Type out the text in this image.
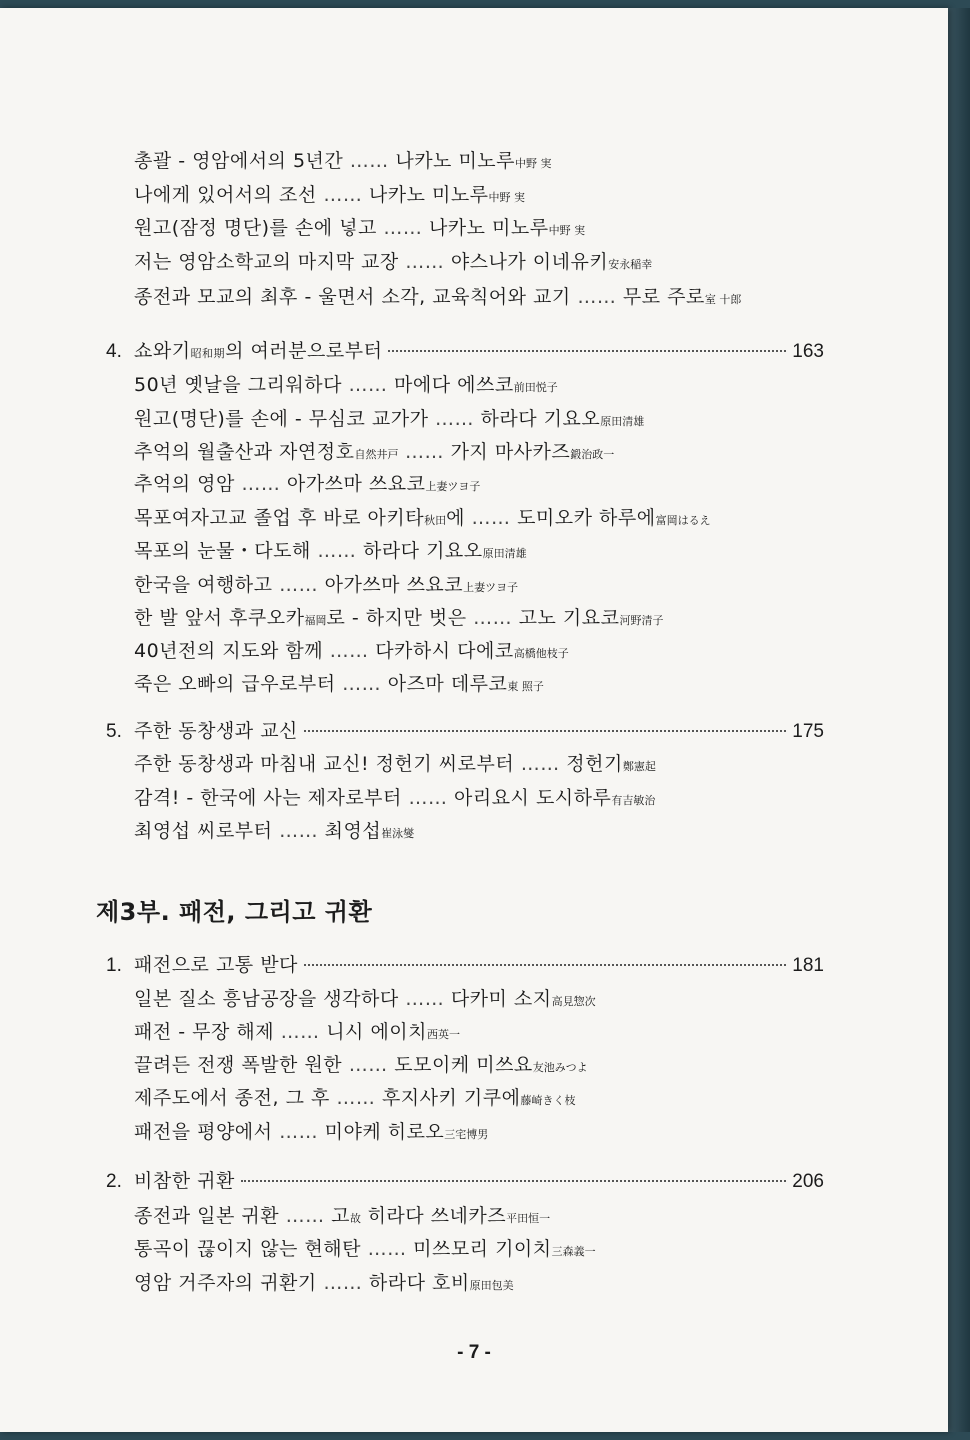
총괄 - 영암에서의 5년간 …… 나카노 미노루中野 実
나에게 있어서의 조선 …… 나카노 미노루中野 実
원고(잠정 명단)를 손에 넣고 …… 나카노 미노루中野 実
저는 영암소학교의 마지막 교장 …… 야스나가 이네유키安永稲幸
종전과 모교의 최후 - 울면서 소각, 교육칙어와 교기 …… 무로 주로室 十郎
4. 쇼와기昭和期의 여러분으로부터	163
50년 옛날을 그리워하다 …… 마에다 에쓰코前田悦子
원고(명단)를 손에 - 무심코 교가가 …… 하라다 기요오原田清雄
추억의 월출산과 자연정호自然井戸 …… 가지 마사카즈鍛治政一
추억의 영암 …… 아가쓰마 쓰요코上妻ツヨ子
목포여자고교 졸업 후 바로 아키타秋田에 …… 도미오카 하루에富岡はるえ
목포의 눈물・다도해 …… 하라다 기요오原田清雄
한국을 여행하고 …… 아가쓰마 쓰요코上妻ツヨ子
한 발 앞서 후쿠오카福岡로 - 하지만 벗은 …… 고노 기요코河野清子
40년전의 지도와 함께 …… 다카하시 다에코高橋他枝子
죽은 오빠의 급우로부터 …… 아즈마 데루코東 照子
5. 주한 동창생과 교신	175
주한 동창생과 마침내 교신! 정헌기 씨로부터 …… 정헌기鄭憲起
감격! - 한국에 사는 제자로부터 …… 아리요시 도시하루有吉敏治
최영섭 씨로부터 …… 최영섭崔泳燮
제3부. 패전, 그리고 귀환
1. 패전으로 고통 받다	181
일본 질소 흥남공장을 생각하다 …… 다카미 소지高見惣次
패전 - 무장 해제 …… 니시 에이치西英一
끌려든 전쟁 폭발한 원한 …… 도모이케 미쓰요友池みつよ
제주도에서 종전, 그 후 …… 후지사키 기쿠에藤崎きく枝
패전을 평양에서 …… 미야케 히로오三宅博男
2. 비참한 귀환	206
종전과 일본 귀환 …… 고故 히라다 쓰네카즈平田恒一
통곡이 끊이지 않는 현해탄 …… 미쓰모리 기이치三森義一
영암 거주자의 귀환기 …… 하라다 호비原田包美
- 7 -
